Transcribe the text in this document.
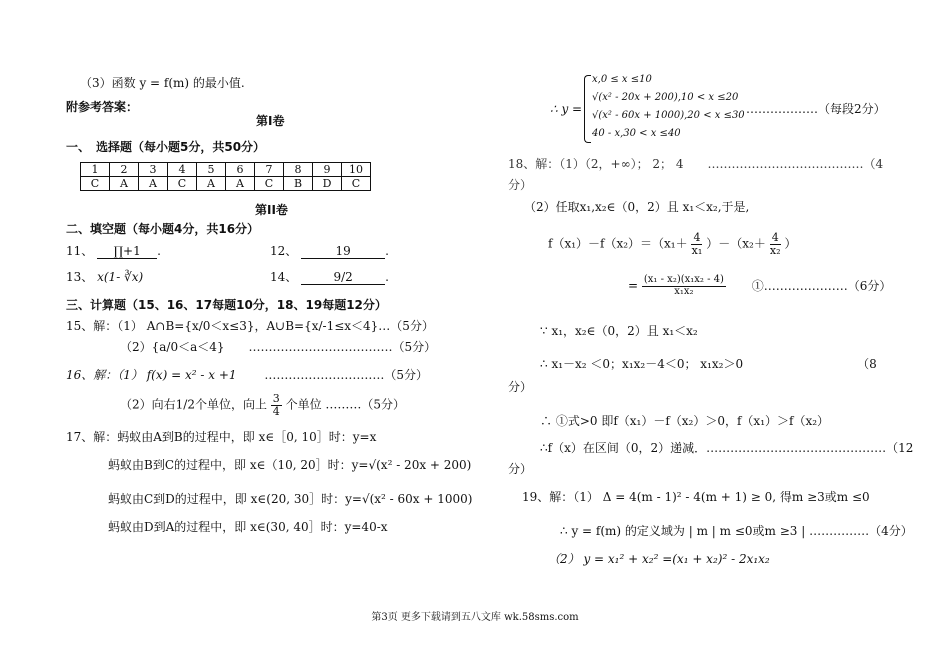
（3）函数 y = f(m) 的最小值.
附参考答案：
第Ⅰ卷
一、　选择题（每小题5分，共50分）
1	2	3	4	5	6	7	8	9	10
C	A	A	C	A	A	C	B	D	C
第II卷
二、填空题（每小题4分，共16分）
11、 ∏+1 .	12、	19	.
13、 x(1- ∛x)	14、	9/2	.
三、计算题（15、16、17每题10分，18、19每题12分）
15、解：（1） A∩B={x/0＜x≤3}，A∪B={x/-1≤x＜4}…（5分）
（2）{a/0＜a＜4}　　………………………………（5分）
16、解：（1） f(x) = x² - x +1 …………………………（5分）
（2）向右1/2个单位，向上 $\frac{3}{4}$ 个单位 ………（5分）
17、解：蚂蚁由A到B的过程中，即 x∈［0, 10］时：y=x
蚂蚁由B到C的过程中，即 x∈（10, 20］时：y=√(x² - 20x + 200)
蚂蚁由C到D的过程中，即 x∈(20, 30］时：y=√(x² - 60x + 1000)
蚂蚁由D到A的过程中，即 x∈(30, 40］时：y=40-x
∴ y =
x,0 ≤ x ≤10
√(x² - 20x + 200),10 < x ≤20
√(x² - 60x + 1000),20 < x ≤30
40 - x,30 < x ≤40
………………（每段2分）
18、解：（1）（2，+∞）； 2； 4　　…………………………………（4
分）
（2）任取x₁,x₂∈（0，2）且 x₁＜x₂,于是,
$f(x_1)-f(x_2)=(x_1+ \frac{4}{\text{x₁}} )-(x_2+ \frac{4}{\text{x₂}}$ ）
= $\frac{\text{(x₁ - x₂)(x₁x₂ - 4)}}{\text{x₁x₂}}$ ①…………………（6分）
∵ x₁，x₂∈（0，2）且 x₁＜x₂
∴ x₁－x₂ ＜0；x₁x₂－4＜0； x₁x₂＞0　　　　　　　　　　（8
分）
∴ ①式>0 即f（x₁）－f（x₂）＞0，f（x₁）＞f（x₂）
∴f（x）在区间（0，2）递减．………………………………………（12
分）
19、解：（1） Δ = 4(m - 1)² - 4(m + 1) ≥ 0, 得m ≥3或m ≤0
∴ y = f(m) 的定义域为 | m | m ≤0或m ≥3 | ……………（4分）
（2） y = x₁² + x₂² =(x₁ + x₂)² - 2x₁x₂
第3页 更多下载请到五八文库 wk.58sms.com
